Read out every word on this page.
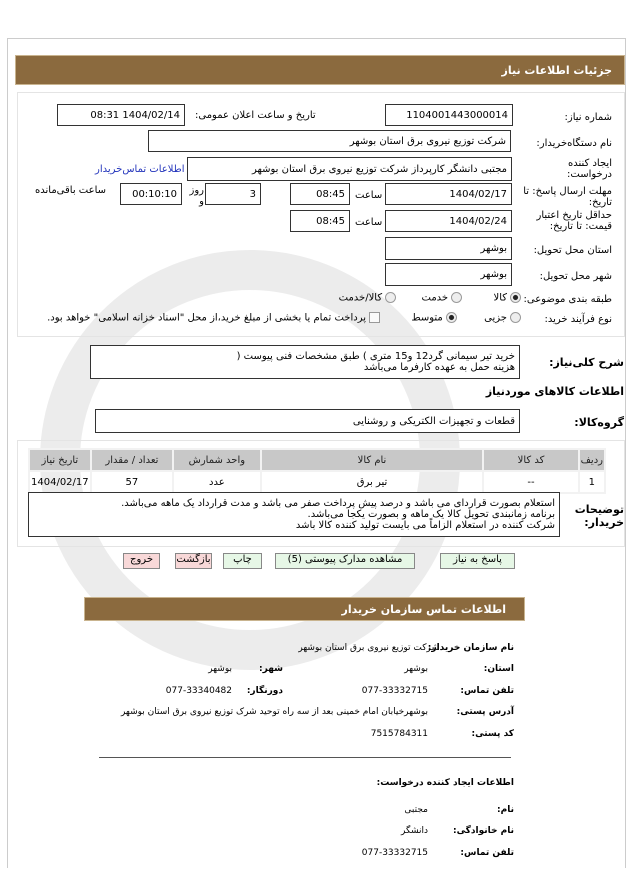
جزئیات اطلاعات نیاز
شماره نیاز:
1104001443000014
تاریخ و ساعت اعلان عمومی:
1404/02/14 08:31
نام دستگاه‌خریدار:
شرکت توزیع نیروی برق استان بوشهر
ایجاد کننده درخواست:
مجتبی دانشگر کارپرداز شرکت توزیع نیروی برق استان بوشهر
اطلاعات تماس‌خریدار
مهلت ارسال پاسخ: تا تاریخ:
1404/02/17
ساعت
08:45
3
روز و
00:10:10
ساعت باقی‌مانده
حداقل تاریخ اعتبار قیمت: تا تاریخ:
1404/02/24
ساعت
08:45
استان محل تحویل:
بوشهر
شهر محل تحویل:
بوشهر
طبقه بندی موضوعی:
کالا  خدمت  کالا/خدمت
نوع فرآیند خرید:
جزیی  متوسط  پرداخت تمام یا بخشی از مبلغ خرید،از محل "اسناد خزانه اسلامی" خواهد بود.
شرح کلی‌نیاز:
خرید تیر سیمانی گرد12 و15 متری ) طبق مشخصات فنی پیوست (
هزینه حمل به عهده کارفرما می‌باشد
اطلاعات کالاهای موردنیاز
گروه‌کالا:
قطعات و تجهیزات الکتریکی و روشنایی
ردیف	کد کالا	نام کالا	واحد شمارش	تعداد / مقدار	تاریخ نیاز
1	--	تیر برق	عدد	57	1404/02/17
توضیحات خریدار:
استعلام بصورت قراردای می باشد و درصد پیش پرداخت صفر می باشد و مدت قرارداد یک ماهه می‌باشد.
برنامه زمانبندی تحویل کالا یک ماهه و بصورت یکجا می‌باشد.
شرکت کننده در استعلام الزاماً می بایست تولید کننده کالا باشد
پاسخ به نیاز
مشاهده مدارک پیوستی (5)
چاپ
بازگشت
خروج
اطلاعات تماس سازمان خریدار
نام سازمان خریدار:
شرکت توزیع نیروی برق استان بوشهر
استان:
بوشهر
شهر:
بوشهر
تلفن تماس:
077-33332715
دورنگار:
077-33340482
آدرس پستی:
بوشهرخیابان امام خمینی بعد از سه راه توحید شرک توزیع نیروی برق استان بوشهر
کد پستی:
7515784311
اطلاعات ایجاد کننده درخواست:
نام:
مجتبی
نام خانوادگی:
دانشگر
تلفن تماس:
077-33332715
